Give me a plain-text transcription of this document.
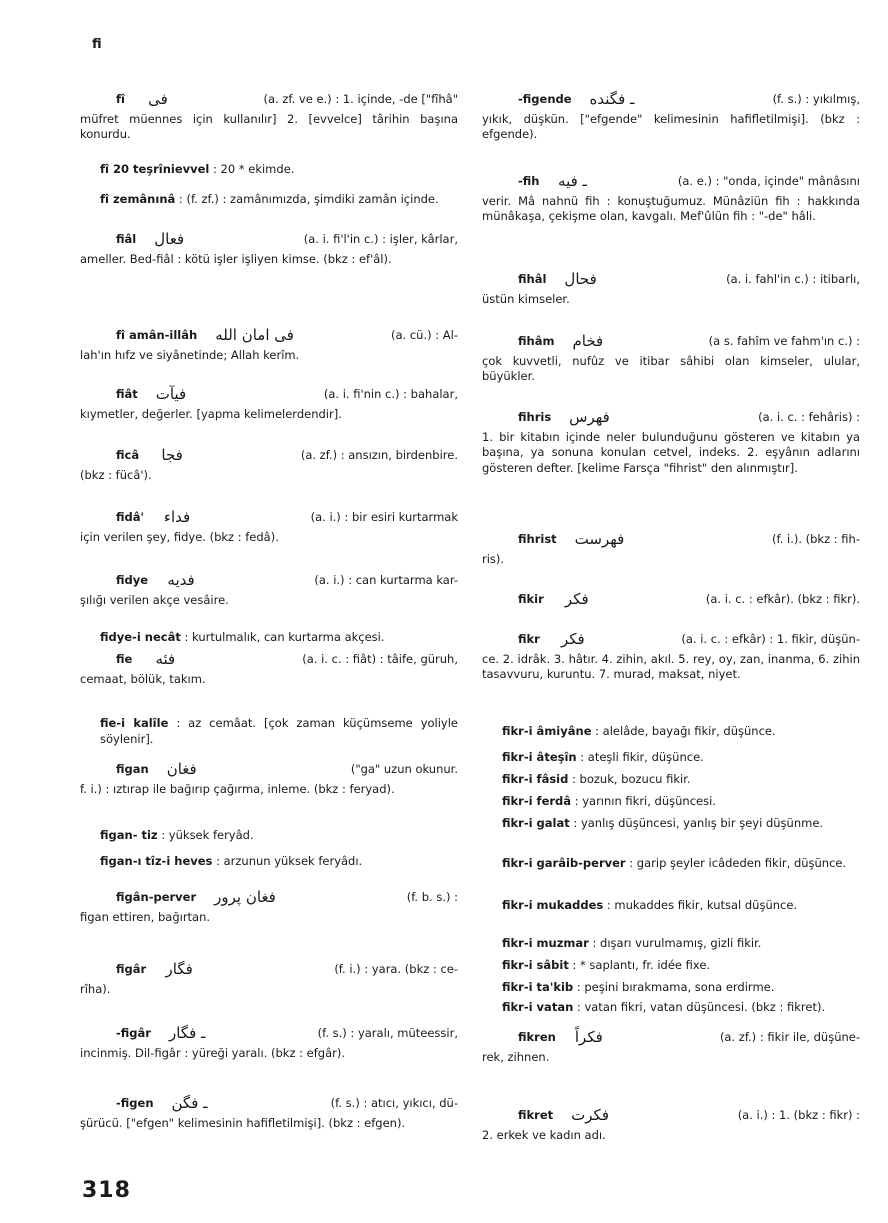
fi
fî	فى	(a. zf. ve e.) : 1. içinde, -de ["fîhâ"
müfret müennes için kullanılır] 2. [evvelce] târihin başına konurdu.
fî 20 teşrînievvel : 20 * ekimde.
fî zemânınâ : (f. zf.) : zamânımızda, şimdiki zamân içinde.
fiâl فعال	(a. i. fi'l'in c.) : işler, kârlar,
ameller. Bed-fiâl : kötü işler işliyen kimse. (bkz : ef'âl).
fî amân-illâh فى امان الله	(a. cü.) : Al-
lah'ın hıfz ve siyânetinde; Allah kerîm.
fiât فيآت	(a. i. fi'nin c.) : bahalar,
kıymetler, değerler. [yapma kelimelerdendir].
ficâ فجا	(a. zf.) : ansızın, birdenbire.
(bkz : fücâ').
fidâ' فداء	(a. i.) : bir esiri kurtarmak
için verilen şey, fidye. (bkz : fedâ).
fidye فديه	(a. i.) : can kurtarma kar-
şılığı verilen akçe vesâire.
fidye-i necât : kurtulmalık, can kurtarma akçesi.
fie	فئه	(a. i. c. : fiât) : tâife, güruh,
cemaat, bölük, takım.
fie-i kalîle : az cemâat. [çok zaman küçümseme yoliyle söylenir].
figan فغان	("ga" uzun okunur.
f. i.) : ıztırap ile bağırıp çağırma, inleme. (bkz : feryad).
figan- tiz : yüksek feryâd.
figan-ı tîz-i heves : arzunun yüksek feryâdı.
figân-perver فغان پرور	(f. b. s.) :
figan ettiren, bağırtan.
figâr فگار	(f. i.) : yara. (bkz : ce-
rîha).
-figâr ـ فگار	(f. s.) : yaralı, müteessir,
incinmiş. Dil-figâr : yüreği yaralı. (bkz : efgâr).
-figen ـ فگن	(f. s.) : atıcı, yıkıcı, dü-
şürücü. ["efgen" kelimesinin hafifletilmişi]. (bkz : efgen).
-figende ـ فگنده	(f. s.) : yıkılmış,
yıkık, düşkün. ["efgende" kelimesinin hafifletilmişi]. (bkz : efgende).
-fih ـ فيه	(a. e.) : "onda, içinde" mânâsını
verir. Mâ nahnü fih : konuştuğumuz. Münâziün fih : hakkında münâkaşa, çekişme olan, kavgalı. Mef'ûlün fih : "-de" hâli.
fihâl فحال	(a. i. fahl'in c.) : itibarlı,
üstün kimseler.
fihâm فخام	(a s. fahîm ve fahm'ın c.) :
çok kuvvetli, nufûz ve itibar sâhibi olan kimseler, ulular, büyükler.
fihris فهرس	(a. i. c. : fehâris) :
1. bir kitabın içinde neler bulunduğunu gösteren ve kitabın ya başına, ya sonuna konulan cetvel, indeks. 2. eşyânın adlarını gösteren defter. [kelime Farsça "fihrist" den alınmıştır].
fihrist فهرست	(f. i.). (bkz : fih-
ris).
fikir فكر	(a. i. c. : efkâr). (bkz : fikr).
fikr فكر	(a. i. c. : efkâr) : 1. fikir, düşün-
ce. 2. idrâk. 3. hâtır. 4. zihin, akıl. 5. rey, oy, zan, inanma, 6. zihin tasavvuru, kuruntu. 7. murad, maksat, niyet.
fikr-i âmiyâne : alelâde, bayağı fikir, düşünce.
fikr-i âteşîn : ateşli fikir, düşünce.
fikr-i fâsid : bozuk, bozucu fikir.
fikr-i ferdâ : yarının fikri, düşüncesi.
fikr-i galat : yanlış düşüncesi, yanlış bir şeyi düşünme.
fikr-i garâib-perver : garip şeyler icâdeden fikir, düşünce.
fikr-i mukaddes : mukaddes fikir, kutsal düşünce.
fikr-i muzmar : dışarı vurulmamış, gizli fikir.
fikr-i sâbit : * saplantı, fr. idée fixe.
fikr-i ta'kib : peşini bırakmama, sona erdirme.
fikr-i vatan : vatan fikri, vatan düşüncesi. (bkz : fikret).
fikren فكراً	(a. zf.) : fikir ile, düşüne-
rek, zihnen.
fikret فكرت	(a. i.) : 1. (bkz : fikr) :
2. erkek ve kadın adı.
318
